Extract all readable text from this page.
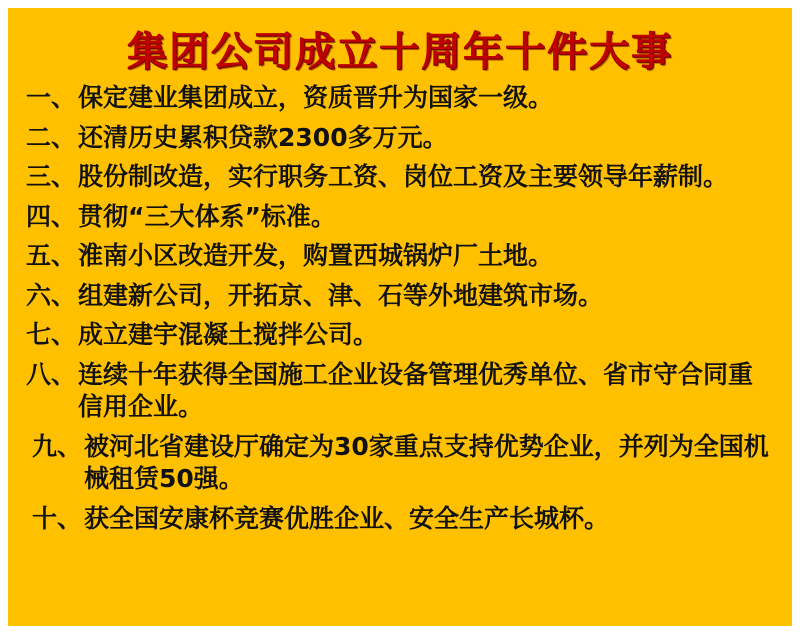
集团公司成立十周年十件大事
一、 保定建业集团成立，资质晋升为国家一级。
二、 还清历史累积贷款2300多万元。
三、 股份制改造，实行职务工资、岗位工资及主要领导年薪制。
四、 贯彻“三大体系”标准。
五、 淮南小区改造开发，购置西城锅炉厂土地。
六、 组建新公司，开拓京、津、石等外地建筑市场。
七、 成立建宇混凝土搅拌公司。
八、 连续十年获得全国施工企业设备管理优秀单位、省市守合同重信用企业。
九、 被河北省建设厅确定为30家重点支持优势企业，并列为全国机械租赁50强。
十、 获全国安康杯竞赛优胜企业、安全生产长城杯。
